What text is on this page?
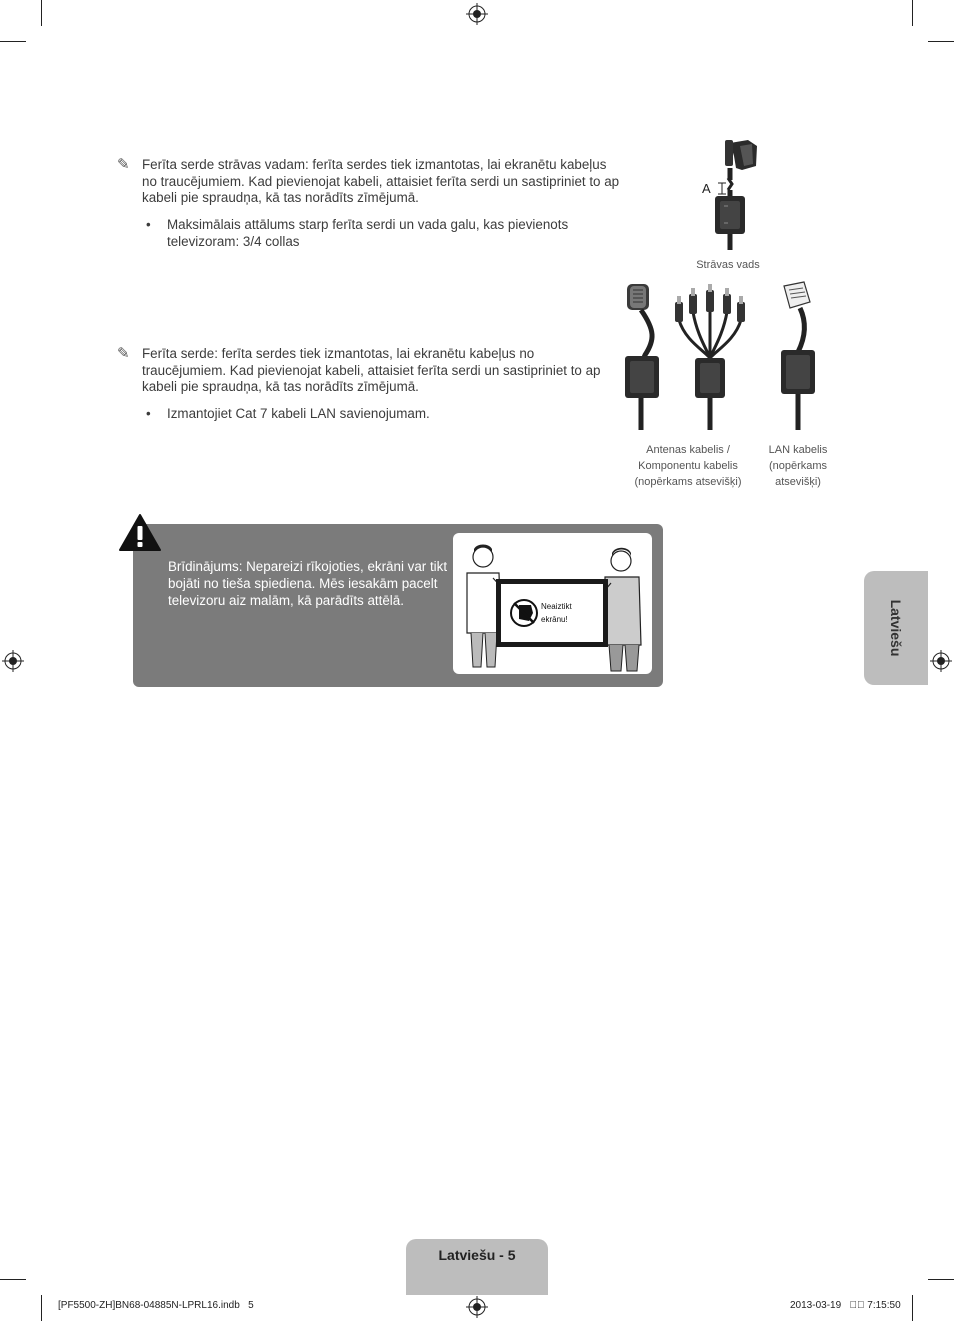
✎ Ferīta serde strāvas vadam: ferīta serdes tiek izmantotas, lai ekranētu kabeļus no traucējumiem. Kad pievienojat kabeli, attaisiet ferīta serdi un sastipriniet to ap kabeli pie spraudņa, kā tas norādīts zīmējumā.
• Maksimālais attālums starp ferīta serdi un vada galu, kas pievienots televizoram: 3/4 collas
✎ Ferīta serde: ferīta serdes tiek izmantotas, lai ekranētu kabeļus no traucējumiem. Kad pievienojat kabeli, attaisiet ferīta serdi un sastipriniet to ap kabeli pie spraudņa, kā tas norādīts zīmējumā.
• Izmantojiet Cat 7 kabeli LAN savienojumam.
A
Strāvas vads
Antenas kabelis /
Komponentu kabelis
(nopērkams atsevišķi)
LAN kabelis
(nopērkams
atsevišķi)
Brīdinājums: Nepareizi rīkojoties, ekrāni var tikt bojāti no tieša spiediena. Mēs iesakām pacelt televizoru aiz malām, kā parādīts attēlā.	Neaiztikt
ekrānu!	Latviešu
Latviešu - 5
[PF5500-ZH]BN68-04885N-LPRL16.indb   5	2013-03-19   ￿￿ 7:15:50
